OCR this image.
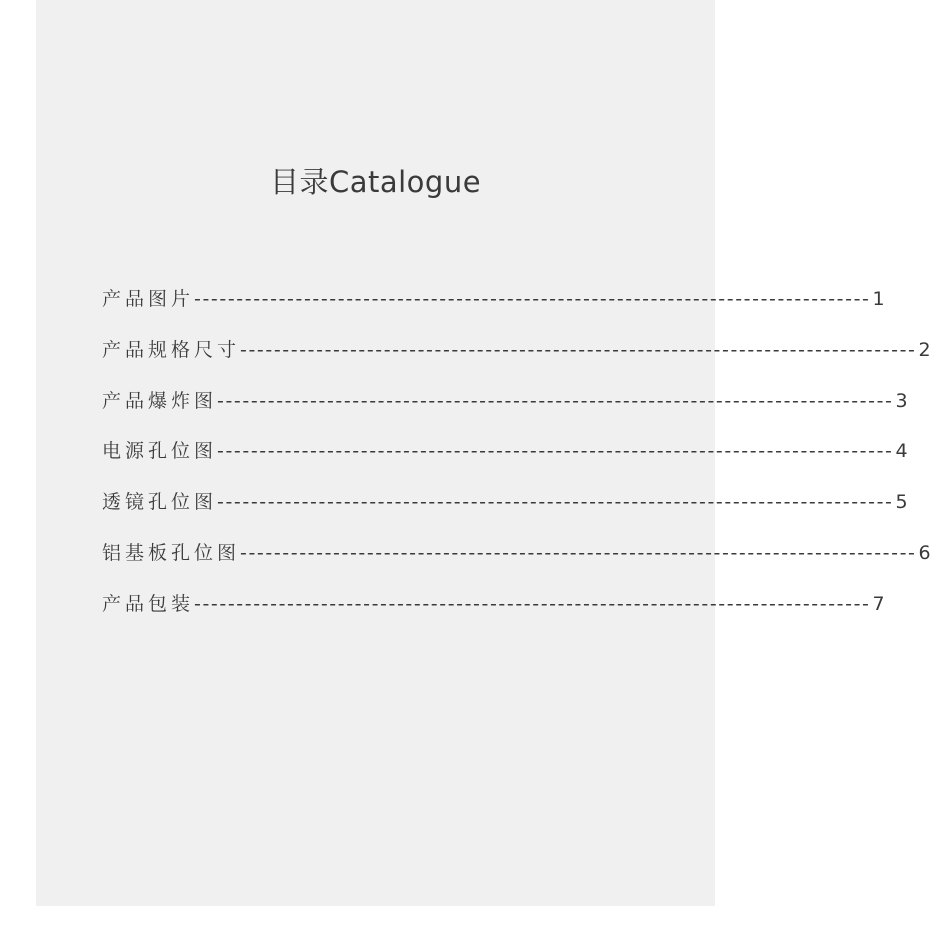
目录Catalogue
产品图片 -------------------------------------------------------------------------------- 1
产品规格尺寸 -------------------------------------------------------------------------------- 2
产品爆炸图 -------------------------------------------------------------------------------- 3
电源孔位图 -------------------------------------------------------------------------------- 4
透镜孔位图 -------------------------------------------------------------------------------- 5
铝基板孔位图 -------------------------------------------------------------------------------- 6
产品包装 -------------------------------------------------------------------------------- 7
